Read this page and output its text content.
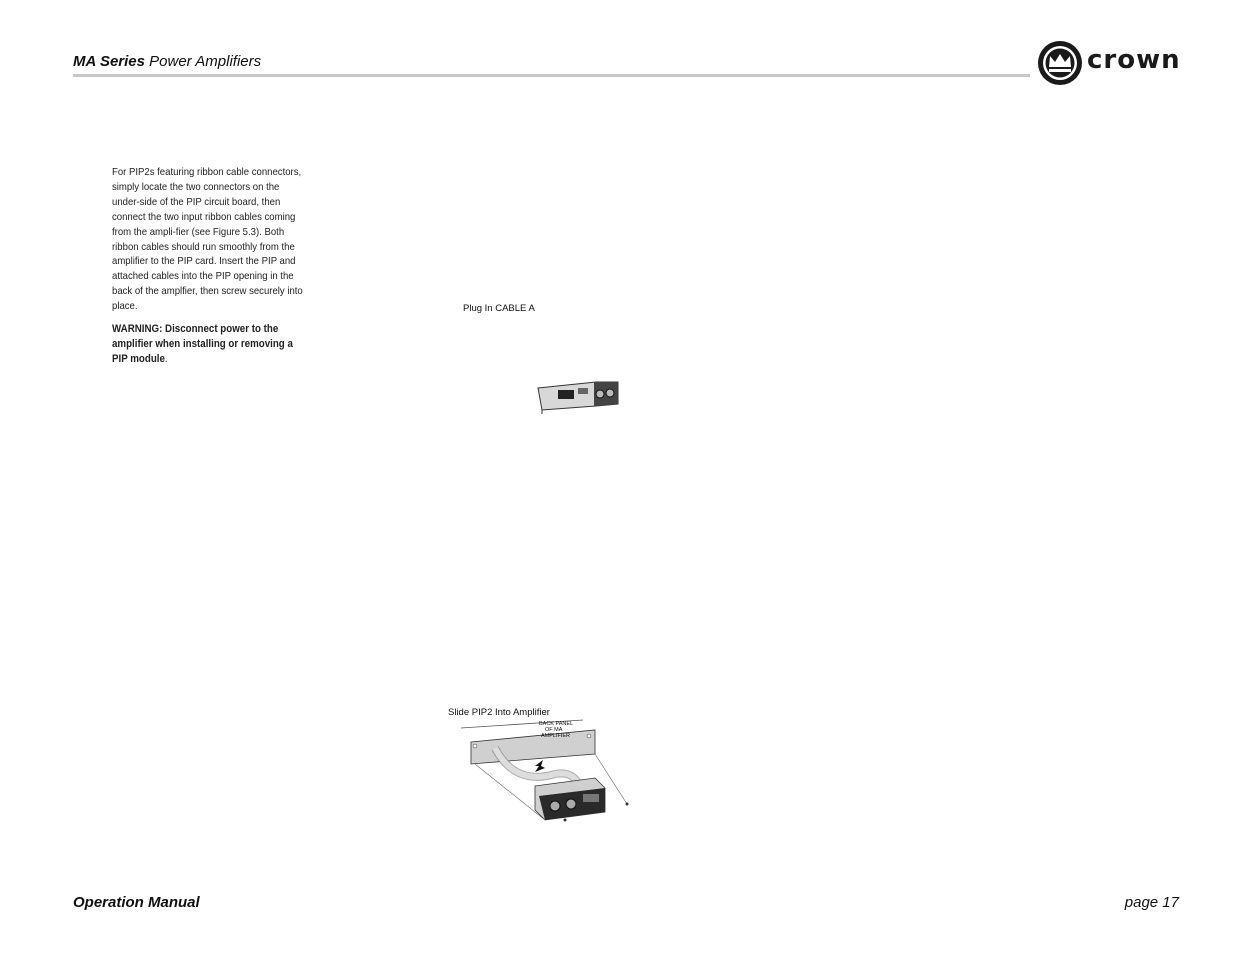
MA Series Power Amplifiers	crown

For PIP2s featuring ribbon cable connectors, simply locate the two connectors on the under-side of the PIP circuit board, then connect the two input ribbon cables coming from the ampli-fier (see Figure 5.3). Both ribbon cables should run smoothly from the amplifier to the PIP card. Insert the PIP and attached cables into the PIP opening in the back of the amplfier, then screw securely into place.

WARNING: Disconnect power to the amplifier when installing or removing a PIP module.

Plug In CABLE A
Slide PIP2 Into Amplifier
BACK PANEL
OF MA
AMPLIFIER
Operation Manual	page 17
